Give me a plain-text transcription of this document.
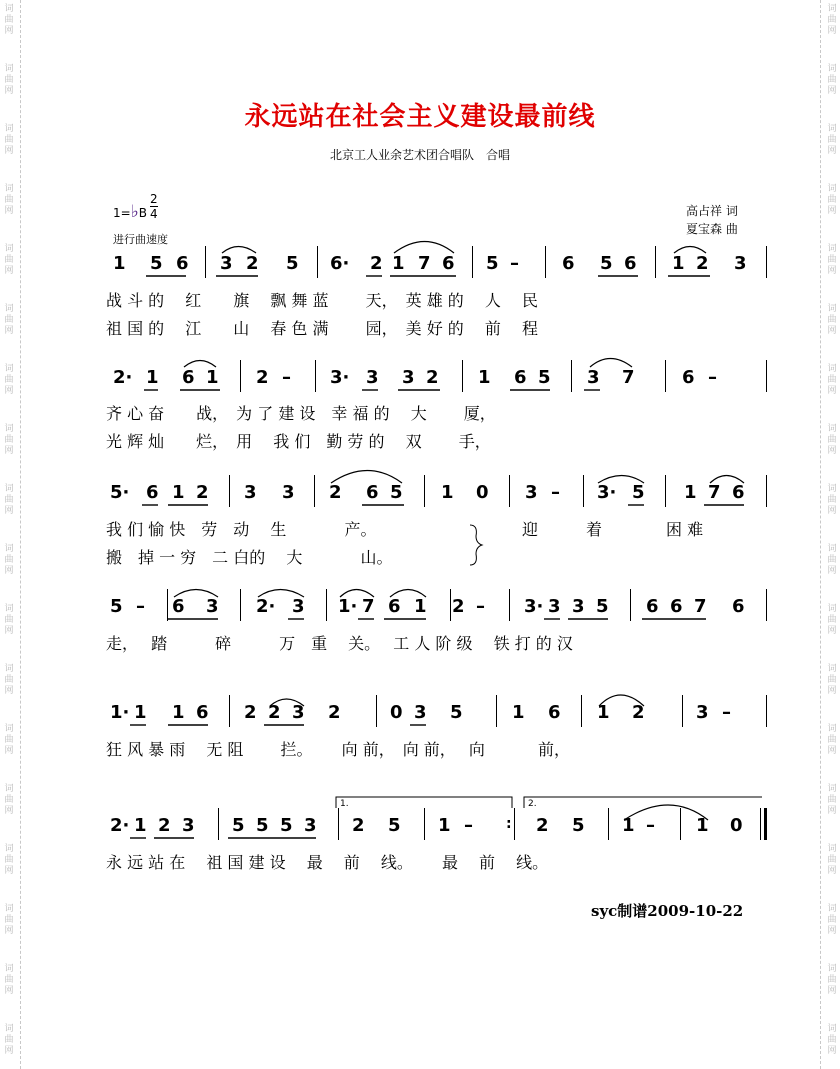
词
曲
网
词
曲
网
词
曲
网
词
曲
网
词
曲
网
词
曲
网
词
曲
网
词
曲
网
词
曲
网
词
曲
网
词
曲
网
词
曲
网
词
曲
网
词
曲
网
词
曲
网
词
曲
网
词
曲
网
词
曲
网
词
曲
网
词
曲
网
词
曲
网
词
曲
网
词
曲
网
词
曲
网
词
曲
网
词
曲
网
词
曲
网
词
曲
网
词
曲
网
词
曲
网
词
曲
网
词
曲
网
词
曲
网
词
曲
网
词
曲
网
词
曲
网
永远站在社会主义建设最前线
北京工人业余艺术团合唱队　合唱
1=♭B $\frac{2}{4}$
进行曲速度
高占祥 词
夏宝森 曲
1 5 6 3 2 5 6· 2 1 7 6 5 – 6 5 6 1 2 3
战 斗 的　 红　　旗　 飘 舞 蓝　　 天，　英 雄 的　 人　 民
祖 国 的　 江　　山　 春 色 满　　 园，　美 好 的　 前　 程
2· 1 6 1 2 – 3· 3 3 2 1 6 5 3 7	6 –
齐 心 奋　　战，　为 了 建 设　幸 福 的　 大　　 厦，
光 辉 灿　　烂，　用　 我 们　勤 劳 的　 双　　 手，
5· 6 1 2 3 3 2 6 5 1 0 3 – 3· 5 1 7 6
我 们 愉 快　劳　动　 生　　 　 产。
搬　掉 一 穷　二 白的　 大　　 　 山。
迎　　　着　　　　困 难
5 – 6 3 2· 3 1· 7 6 1 2 – 3· 3 3 5 6 6 7 6
走，　 踏　　　碎　　　万　重　 关。　 工 人 阶 级　 铁 打 的 汉
1· 1 1 6 2 2 3 2	0 3 5	1 6 1 2	3 –
狂 风 暴 雨　 无 阻　　 拦。　　 向 前，　向 前，　 向　　　 前，
2· 1 2 3 5 5 5 3 2 5 1 – : 2 5 1 – 1 0
永 远 站 在　 祖 国 建 设　 最　 前　 线。　　 最　 前　 线。
1.	2.
syc制谱2009-10-22
